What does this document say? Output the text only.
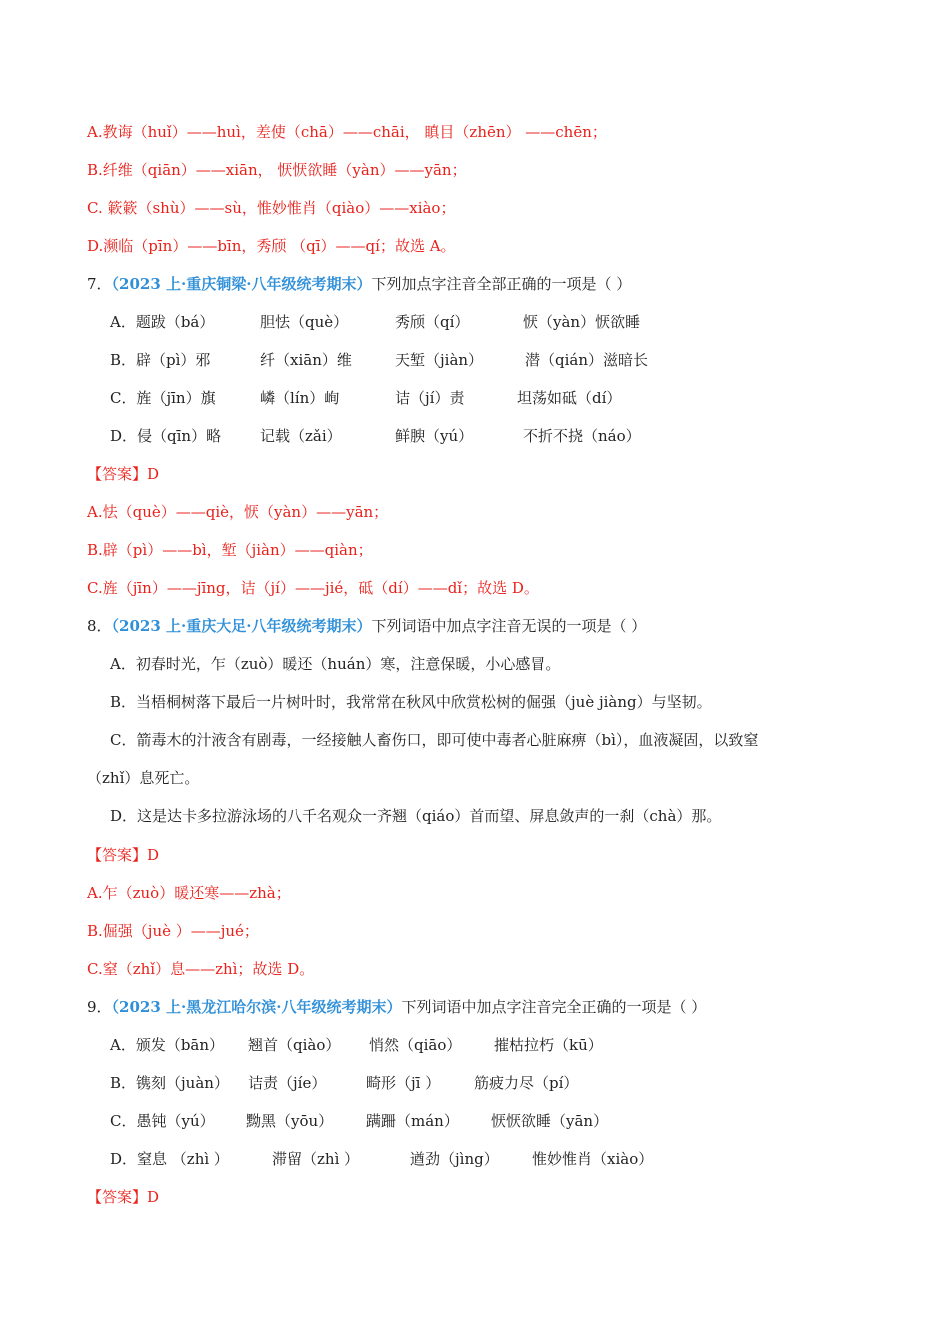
A.教诲（huǐ）——huì，差使（chā）——chāi， 瞋目（zhēn） ——chēn；
B.纤维（qiān）——xiān， 恹恹欲睡（yàn）——yān；
C. 簌簌（shù）——sù，惟妙惟肖（qiào）——xiào；
D.濒临（pīn）——bīn，秀颀 （qī）——qí；故选 A。
7．（2023 上·重庆铜梁·八年级统考期末）下列加点字注音全部正确的一项是（ ）
A．题跋（bá）	胆怯（què）	秀颀（qí）	恹（yàn）恹欲睡
B．辟（pì）邪	纤（xiān）维	天堑（jiàn）	潜（qián）滋暗长
C．旌（jīn）旗	嶙（lín）峋	诘（jí）责	坦荡如砥（dí）
D．侵（qīn）略	记载（zǎi）	鲜腴（yú）	不折不挠（náo）
【答案】D
A.怯（què）——qiè，恹（yàn）——yān；
B.辟（pì）——bì，堑（jiàn）——qiàn；
C.旌（jīn）——jīng，诘（jí）——jié，砥（dí）——dǐ；故选 D。
8．（2023 上·重庆大足·八年级统考期末）下列词语中加点字注音无误的一项是（ ）
A．初春时光，乍（zuò）暖还（huán）寒，注意保暖，小心感冒。
B．当梧桐树落下最后一片树叶时，我常常在秋风中欣赏松树的倔强（juè jiàng）与坚韧。
C．箭毒木的汁液含有剧毒，一经接触人畜伤口，即可使中毒者心脏麻痹（bì），血液凝固，以致窒
（zhǐ）息死亡。
D．这是达卡多拉游泳场的八千名观众一齐翘（qiáo）首而望、屏息敛声的一刹（chà）那。
【答案】D
A.乍（zuò）暖还寒——zhà；
B.倔强（juè ）——jué；
C.窒（zhǐ）息——zhì；故选 D。
9．（2023 上·黑龙江哈尔滨·八年级统考期末）下列词语中加点字注音完全正确的一项是（ ）
A．颁发（bān） 翘首（qiào） 悄然（qiāo） 摧枯拉朽（kū）
B．镌刻（juàn） 诘责（jíe）	畸形（jī ） 筋疲力尽（pí）
C．愚钝（yú） 黝黑（yōu） 蹒跚（mán） 恹恹欲睡（yān）
D．窒息 （zhì ）	滞留（zhì ）	遒劲（jìng） 惟妙惟肖（xiào）
【答案】D
